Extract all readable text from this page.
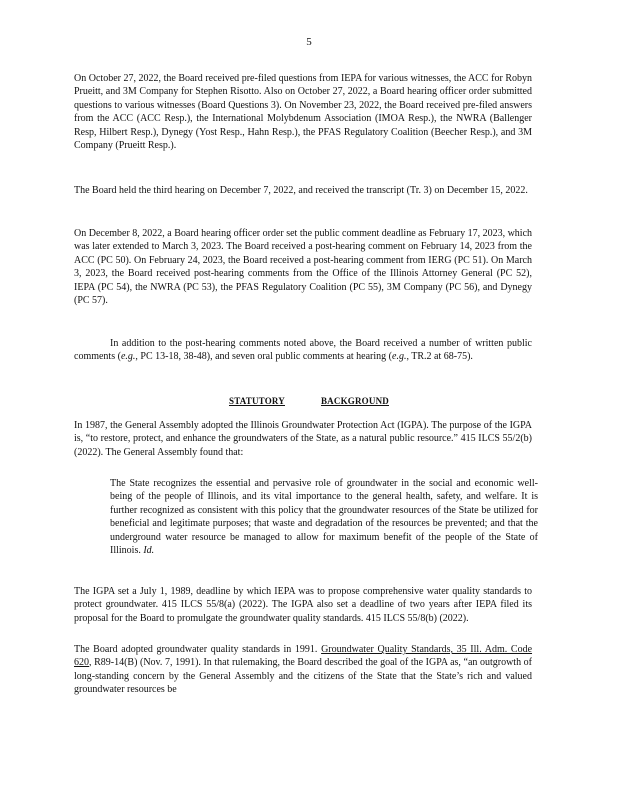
5

On October 27, 2022, the Board received pre-filed questions from IEPA for various witnesses, the ACC for Robyn Prueitt, and 3M Company for Stephen Risotto. Also on October 27, 2022, a Board hearing officer order submitted questions to various witnesses (Board Questions 3). On November 23, 2022, the Board received pre-filed answers from the ACC (ACC Resp.), the International Molybdenum Association (IMOA Resp.), the NWRA (Ballenger Resp, Hilbert Resp.), Dynegy (Yost Resp., Hahn Resp.), the PFAS Regulatory Coalition (Beecher Resp.), and 3M Company (Prueitt Resp.).

The Board held the third hearing on December 7, 2022, and received the transcript (Tr. 3) on December 15, 2022.

On December 8, 2022, a Board hearing officer order set the public comment deadline as February 17, 2023, which was later extended to March 3, 2023. The Board received a post-hearing comment on February 14, 2023 from the ACC (PC 50). On February 24, 2023, the Board received a post-hearing comment from IERG (PC 51). On March 3, 2023, the Board received post-hearing comments from the Office of the Illinois Attorney General (PC 52), IEPA (PC 54), the NWRA (PC 53), the PFAS Regulatory Coalition (PC 55), 3M Company (PC 56), and Dynegy (PC 57).

In addition to the post-hearing comments noted above, the Board received a number of written public comments (e.g., PC 13-18, 38-48), and seven oral public comments at hearing (e.g., TR.2 at 68-75).

STATUTORY	BACKGROUND

In 1987, the General Assembly adopted the Illinois Groundwater Protection Act (IGPA). The purpose of the IGPA is, “to restore, protect, and enhance the groundwaters of the State, as a natural public resource.” 415 ILCS 55/2(b) (2022). The General Assembly found that:

The State recognizes the essential and pervasive role of groundwater in the social and economic well-being of the people of Illinois, and its vital importance to the general health, safety, and welfare. It is further recognized as consistent with this policy that the groundwater resources of the State be utilized for beneficial and legitimate purposes; that waste and degradation of the resources be prevented; and that the underground water resource be managed to allow for maximum benefit of the people of the State of Illinois. Id.

The IGPA set a July 1, 1989, deadline by which IEPA was to propose comprehensive water quality standards to protect groundwater. 415 ILCS 55/8(a) (2022). The IGPA also set a deadline of two years after IEPA filed its proposal for the Board to promulgate the groundwater quality standards. 415 ILCS 55/8(b) (2022).

The Board adopted groundwater quality standards in 1991. Groundwater Quality Standards, 35 Ill. Adm. Code 620, R89-14(B) (Nov. 7, 1991). In that rulemaking, the Board described the goal of the IGPA as, “an outgrowth of long-standing concern by the General Assembly and the citizens of the State that the State’s rich and valued groundwater resources be
